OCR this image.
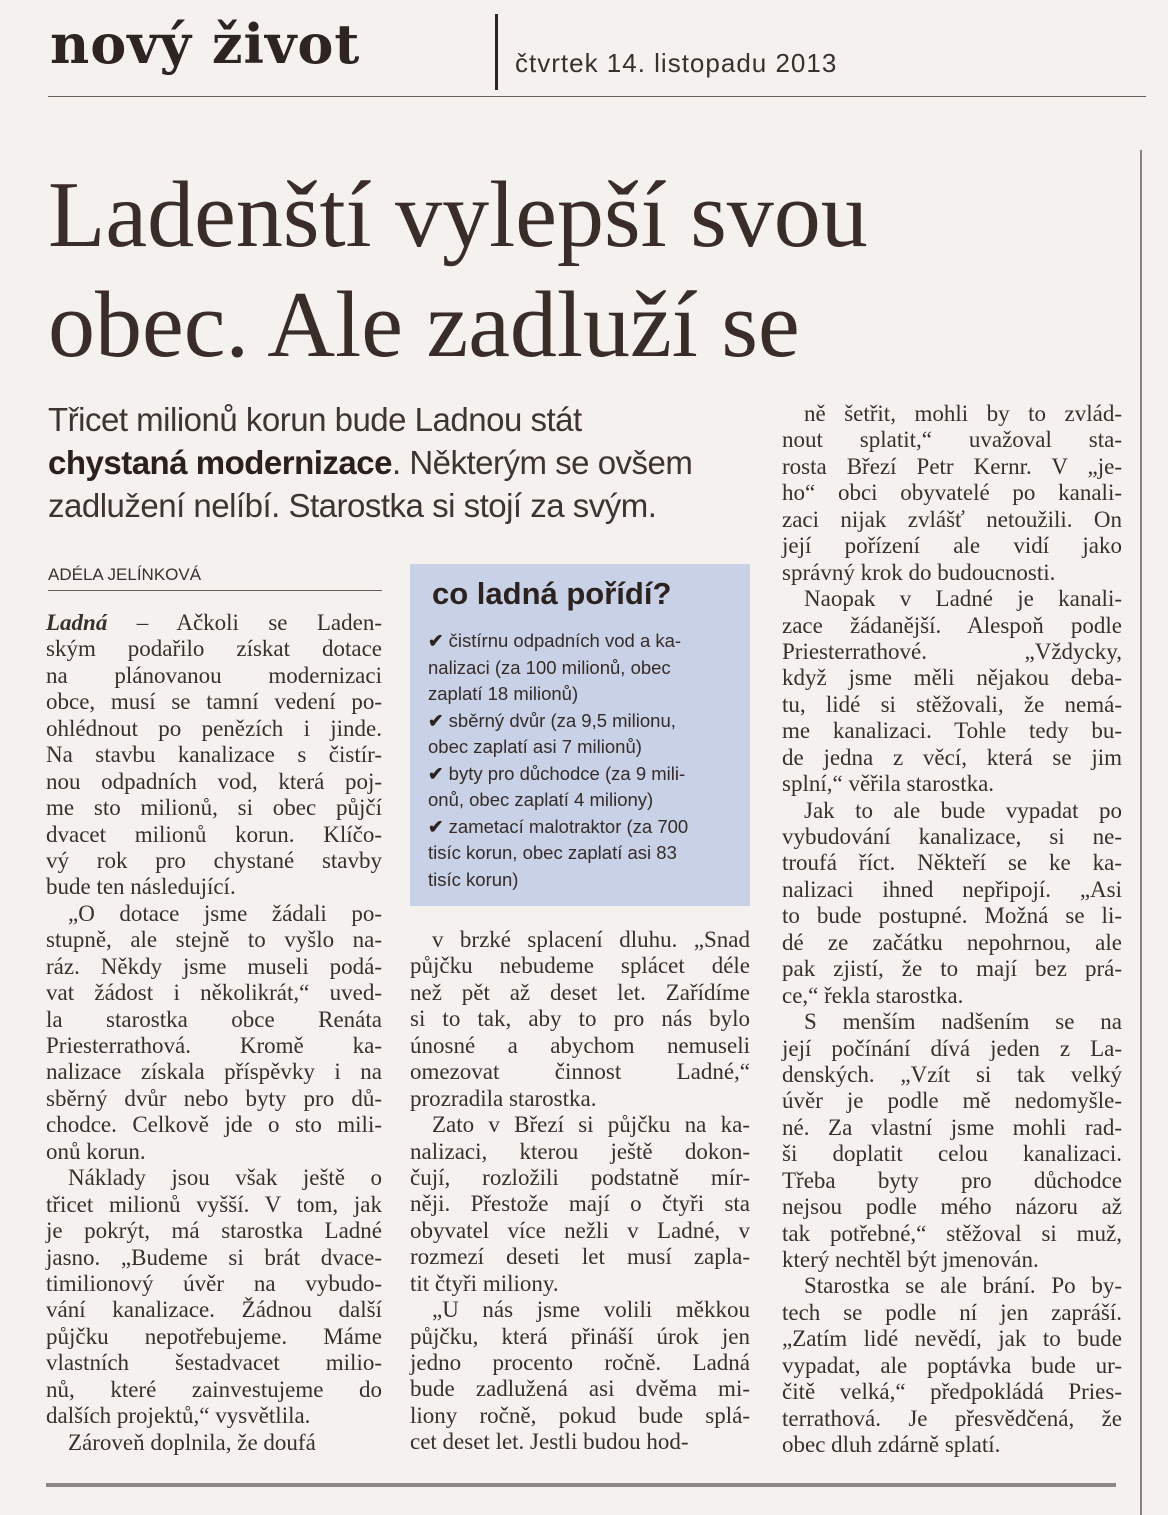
nový život	čtvrtek 14. listopadu 2013
Ladenští vylepší svou
obec. Ale zadluží se
Třicet milionů korun bude Ladnou stát
chystaná modernizace. Některým se ovšem
zadlužení nelíbí. Starostka si stojí za svým.
ADÉLA JELÍNKOVÁ
co ladná pořídí?
✔ čistírnu odpadních vod a ka-
nalizaci (za 100 milionů, obec
zaplatí 18 milionů)
✔ sběrný dvůr (za 9,5 milionu,
obec zaplatí asi 7 milionů)
✔ byty pro důchodce (za 9 mili-
onů, obec zaplatí 4 miliony)
✔ zametací malotraktor (za 700
tisíc korun, obec zaplatí asi 83
tisíc korun)
Ladná – Ačkoli se Laden-
ským podařilo získat dotace
na plánovanou modernizaci
obce, musí se tamní vedení po-
ohlédnout po penězích i jinde.
Na stavbu kanalizace s čistír-
nou odpadních vod, která poj-
me sto milionů, si obec půjčí
dvacet milionů korun. Klíčo-
vý rok pro chystané stavby
bude ten následující.
„O dotace jsme žádali po-
stupně, ale stejně to vyšlo na-
ráz. Někdy jsme museli podá-
vat žádost i několikrát,“ uved-
la starostka obce Renáta
Priesterrathová. Kromě ka-
nalizace získala příspěvky i na
sběrný dvůr nebo byty pro dů-
chodce. Celkově jde o sto mili-
onů korun.
Náklady jsou však ještě o
třicet milionů vyšší. V tom, jak
je pokrýt, má starostka Ladné
jasno. „Budeme si brát dvace-
timilionový úvěr na vybudo-
vání kanalizace. Žádnou další
půjčku nepotřebujeme. Máme
vlastních šestadvacet milio-
nů, které zainvestujeme do
dalších projektů,“ vysvětlila.
Zároveň doplnila, že doufá
v brzké splacení dluhu. „Snad
půjčku nebudeme splácet déle
než pět až deset let. Zařídíme
si to tak, aby to pro nás bylo
únosné a abychom nemuseli
omezovat činnost Ladné,“
prozradila starostka.
Zato v Březí si půjčku na ka-
nalizaci, kterou ještě dokon-
čují, rozložili podstatně mír-
něji. Přestože mají o čtyři sta
obyvatel více nežli v Ladné, v
rozmezí deseti let musí zapla-
tit čtyři miliony.
„U nás jsme volili měkkou
půjčku, která přináší úrok jen
jedno procento ročně. Ladná
bude zadlužená asi dvěma mi-
liony ročně, pokud bude splá-
cet deset let. Jestli budou hod-
ně šetřit, mohli by to zvlád-
nout splatit,“ uvažoval sta-
rosta Březí Petr Kernr. V „je-
ho“ obci obyvatelé po kanali-
zaci nijak zvlášť netoužili. On
její pořízení ale vidí jako
správný krok do budoucnosti.
Naopak v Ladné je kanali-
zace žádanější. Alespoň podle
Priesterrathové. „Vždycky,
když jsme měli nějakou deba-
tu, lidé si stěžovali, že nemá-
me kanalizaci. Tohle tedy bu-
de jedna z věcí, která se jim
splní,“ věřila starostka.
Jak to ale bude vypadat po
vybudování kanalizace, si ne-
troufá říct. Někteří se ke ka-
nalizaci ihned nepřipojí. „Asi
to bude postupné. Možná se li-
dé ze začátku nepohrnou, ale
pak zjistí, že to mají bez prá-
ce,“ řekla starostka.
S menším nadšením se na
její počínání dívá jeden z La-
denských. „Vzít si tak velký
úvěr je podle mě nedomyšle-
né. Za vlastní jsme mohli rad-
ši doplatit celou kanalizaci.
Třeba byty pro důchodce
nejsou podle mého názoru až
tak potřebné,“ stěžoval si muž,
který nechtěl být jmenován.
Starostka se ale brání. Po by-
tech se podle ní jen zapráší.
„Zatím lidé nevědí, jak to bude
vypadat, ale poptávka bude ur-
čitě velká,“ předpokládá Pries-
terrathová. Je přesvědčená, že
obec dluh zdárně splatí.
